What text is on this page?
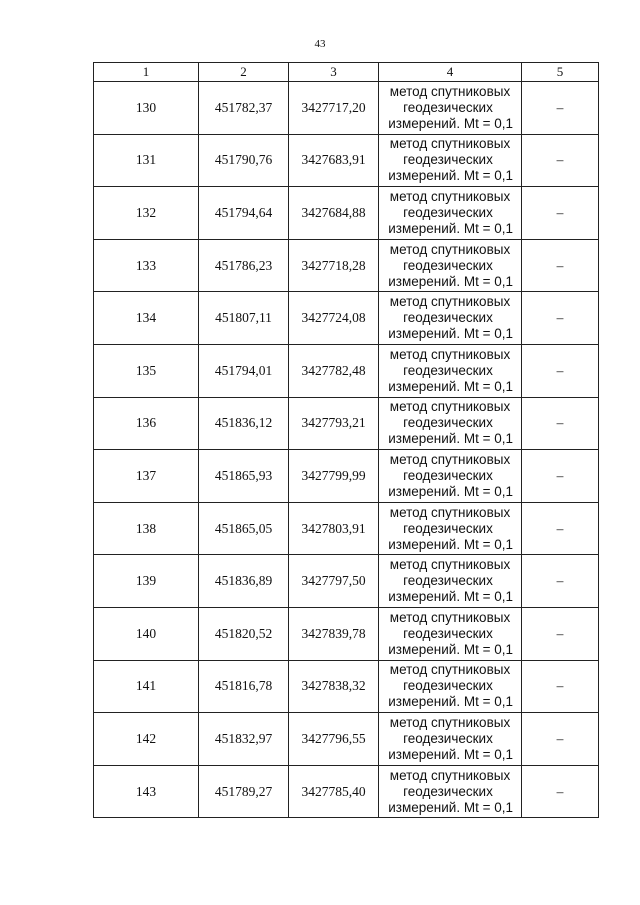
43
1	2	3	4	5
130	451782,37	3427717,20	метод спутниковых
геодезических
измерений. Mt = 0,1	–
131	451790,76	3427683,91	метод спутниковых
геодезических
измерений. Mt = 0,1	–
132	451794,64	3427684,88	метод спутниковых
геодезических
измерений. Mt = 0,1	–
133	451786,23	3427718,28	метод спутниковых
геодезических
измерений. Mt = 0,1	–
134	451807,11	3427724,08	метод спутниковых
геодезических
измерений. Mt = 0,1	–
135	451794,01	3427782,48	метод спутниковых
геодезических
измерений. Mt = 0,1	–
136	451836,12	3427793,21	метод спутниковых
геодезических
измерений. Mt = 0,1	–
137	451865,93	3427799,99	метод спутниковых
геодезических
измерений. Mt = 0,1	–
138	451865,05	3427803,91	метод спутниковых
геодезических
измерений. Mt = 0,1	–
139	451836,89	3427797,50	метод спутниковых
геодезических
измерений. Mt = 0,1	–
140	451820,52	3427839,78	метод спутниковых
геодезических
измерений. Mt = 0,1	–
141	451816,78	3427838,32	метод спутниковых
геодезических
измерений. Mt = 0,1	–
142	451832,97	3427796,55	метод спутниковых
геодезических
измерений. Mt = 0,1	–
143	451789,27	3427785,40	метод спутниковых
геодезических
измерений. Mt = 0,1	–
